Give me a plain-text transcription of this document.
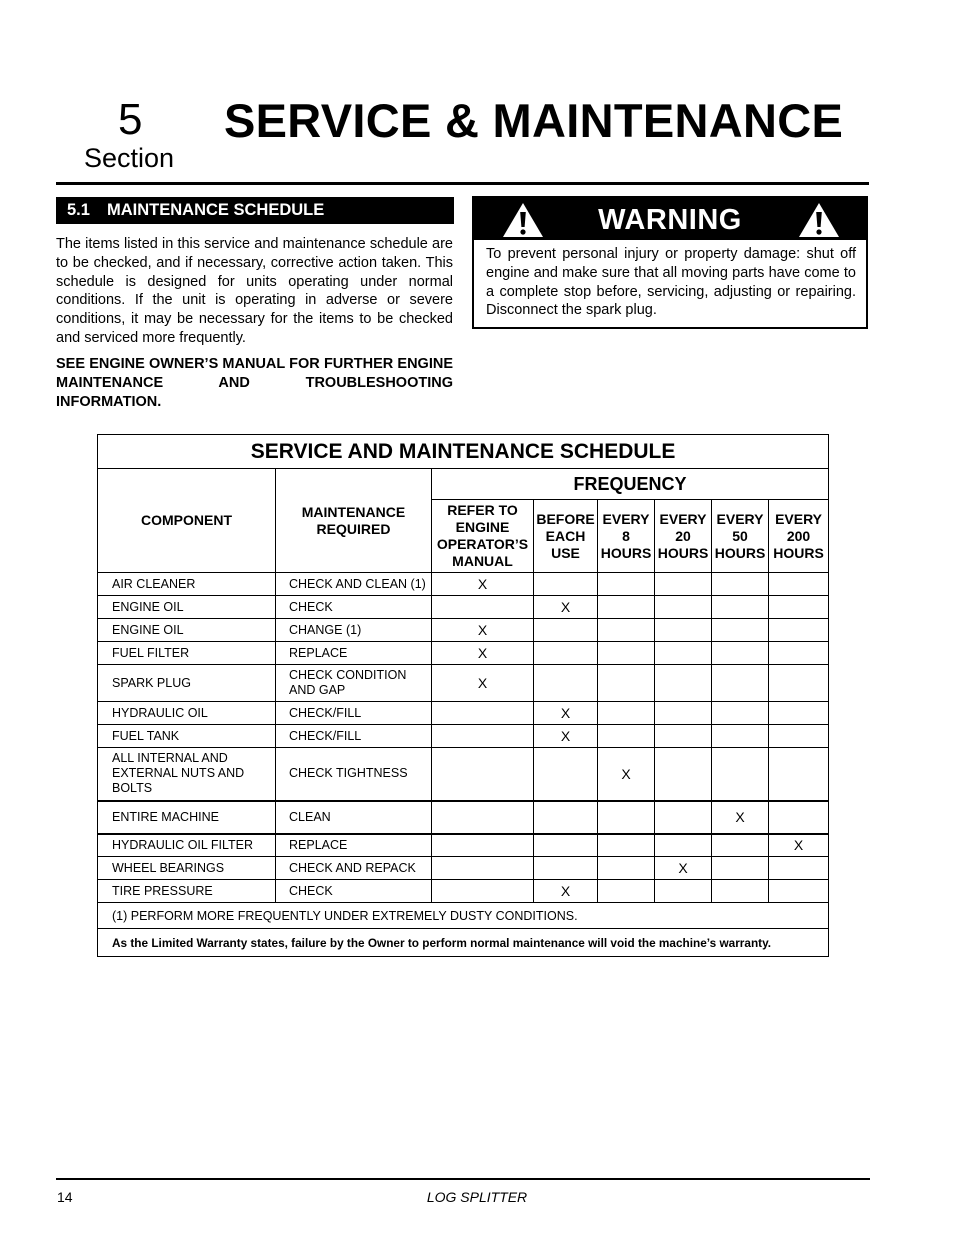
5
Section
SERVICE & MAINTENANCE
5.1 MAINTENANCE SCHEDULE

The items listed in this service and maintenance schedule are to be checked, and if necessary, corrective action taken. This schedule is designed for units operating under normal conditions. If the unit is operating in adverse or severe conditions, it may be necessary for the items to be checked and serviced more frequently.

SEE ENGINE OWNER’S MANUAL FOR FURTHER ENGINE MAINTENANCE AND TROUBLESHOOTING
INFORMATION.

WARNING

To prevent personal injury or property damage: shut off engine and make sure that all moving parts have come to a complete stop before, servicing, adjusting or repairing. Disconnect the spark plug.

SERVICE AND MAINTENANCE SCHEDULE							
COMPONENT	MAINTENANCE REQUIRED	FREQUENCY					
		REFER TO ENGINE OPERATOR’S MANUAL	BEFORE EACH USE	EVERY 8 HOURS	EVERY 20 HOURS	EVERY 50 HOURS	EVERY 200 HOURS
AIR CLEANER	CHECK AND CLEAN (1)	X					
ENGINE OIL	CHECK		X				
ENGINE OIL	CHANGE (1)	X					
FUEL FILTER	REPLACE	X					
SPARK PLUG	CHECK CONDITION AND GAP	X					
HYDRAULIC OIL	CHECK/FILL		X				
FUEL TANK	CHECK/FILL		X				
ALL INTERNAL AND EXTERNAL NUTS AND BOLTS	CHECK TIGHTNESS			X			
ENTIRE MACHINE	CLEAN					X	
HYDRAULIC OIL FILTER	REPLACE						X
WHEEL BEARINGS	CHECK AND REPACK				X		
TIRE PRESSURE	CHECK		X				
(1) PERFORM MORE FREQUENTLY UNDER EXTREMELY DUSTY CONDITIONS.							
As the Limited Warranty states, failure by the Owner to perform normal maintenance will void the machine’s warranty.							
14	LOG SPLITTER
